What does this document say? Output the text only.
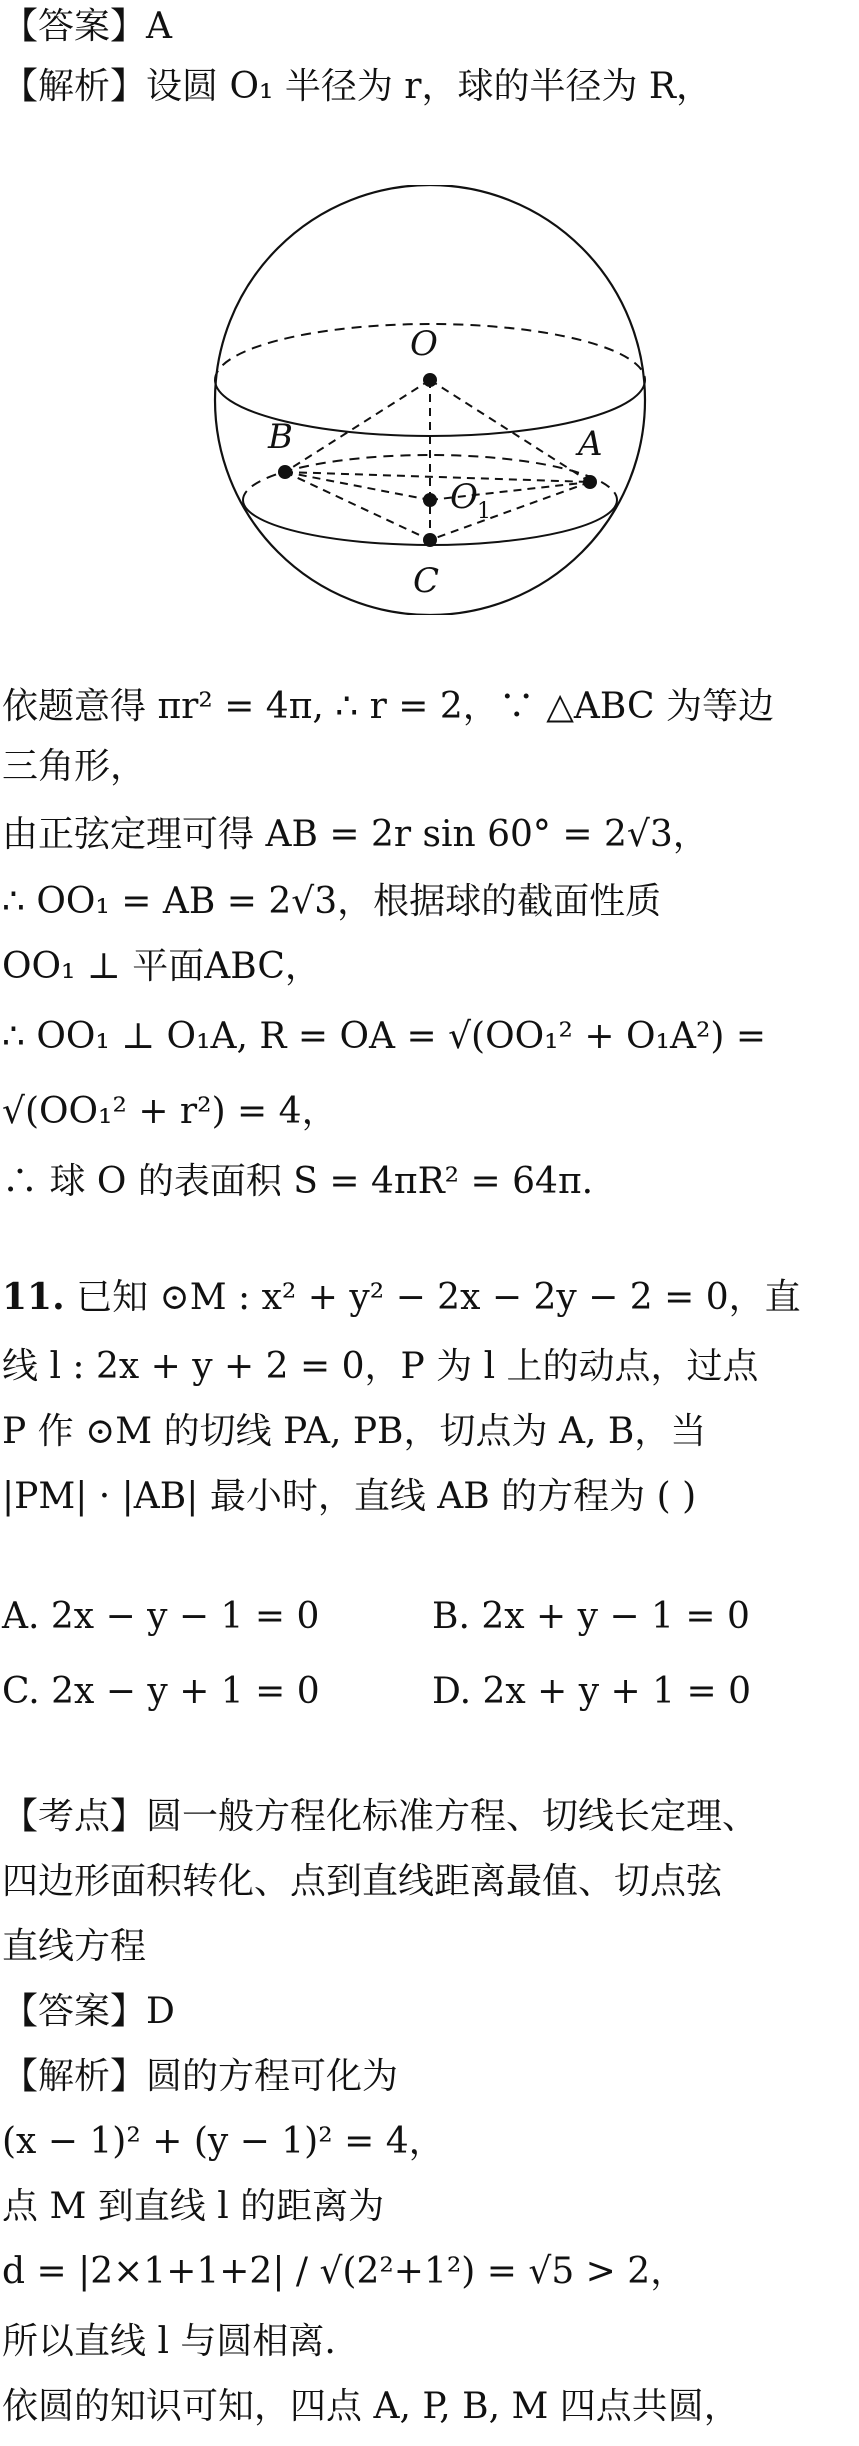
【答案】A
【解析】设圆 O₁ 半径为 r，球的半径为 R，
O
B	A
O 1
C
依题意得 πr² = 4π, ∴ r = 2，∵ △ABC 为等边
三角形，
由正弦定理可得 AB = 2r sin 60° = 2√3，
∴ OO₁ = AB = 2√3，根据球的截面性质
OO₁ ⊥ 平面ABC，
∴ OO₁ ⊥ O₁A, R = OA = √(OO₁² + O₁A²) =
√(OO₁² + r²) = 4，
∴ 球 O 的表面积 S = 4πR² = 64π.
11. 已知 ⊙M : x² + y² − 2x − 2y − 2 = 0，直
线 l : 2x + y + 2 = 0，P 为 l 上的动点，过点
P 作 ⊙M 的切线 PA, PB，切点为 A, B，当
|PM| · |AB| 最小时，直线 AB 的方程为 ( )
A. 2x − y − 1 = 0	B. 2x + y − 1 = 0
C. 2x − y + 1 = 0	D. 2x + y + 1 = 0
【考点】圆一般方程化标准方程、切线长定理、
四边形面积转化、点到直线距离最值、切点弦
直线方程
【答案】D
【解析】圆的方程可化为
(x − 1)² + (y − 1)² = 4，
点 M 到直线 l 的距离为
d = |2×1+1+2| / √(2²+1²) = √5 > 2，
所以直线 l 与圆相离.
依圆的知识可知，四点 A, P, B, M 四点共圆，
